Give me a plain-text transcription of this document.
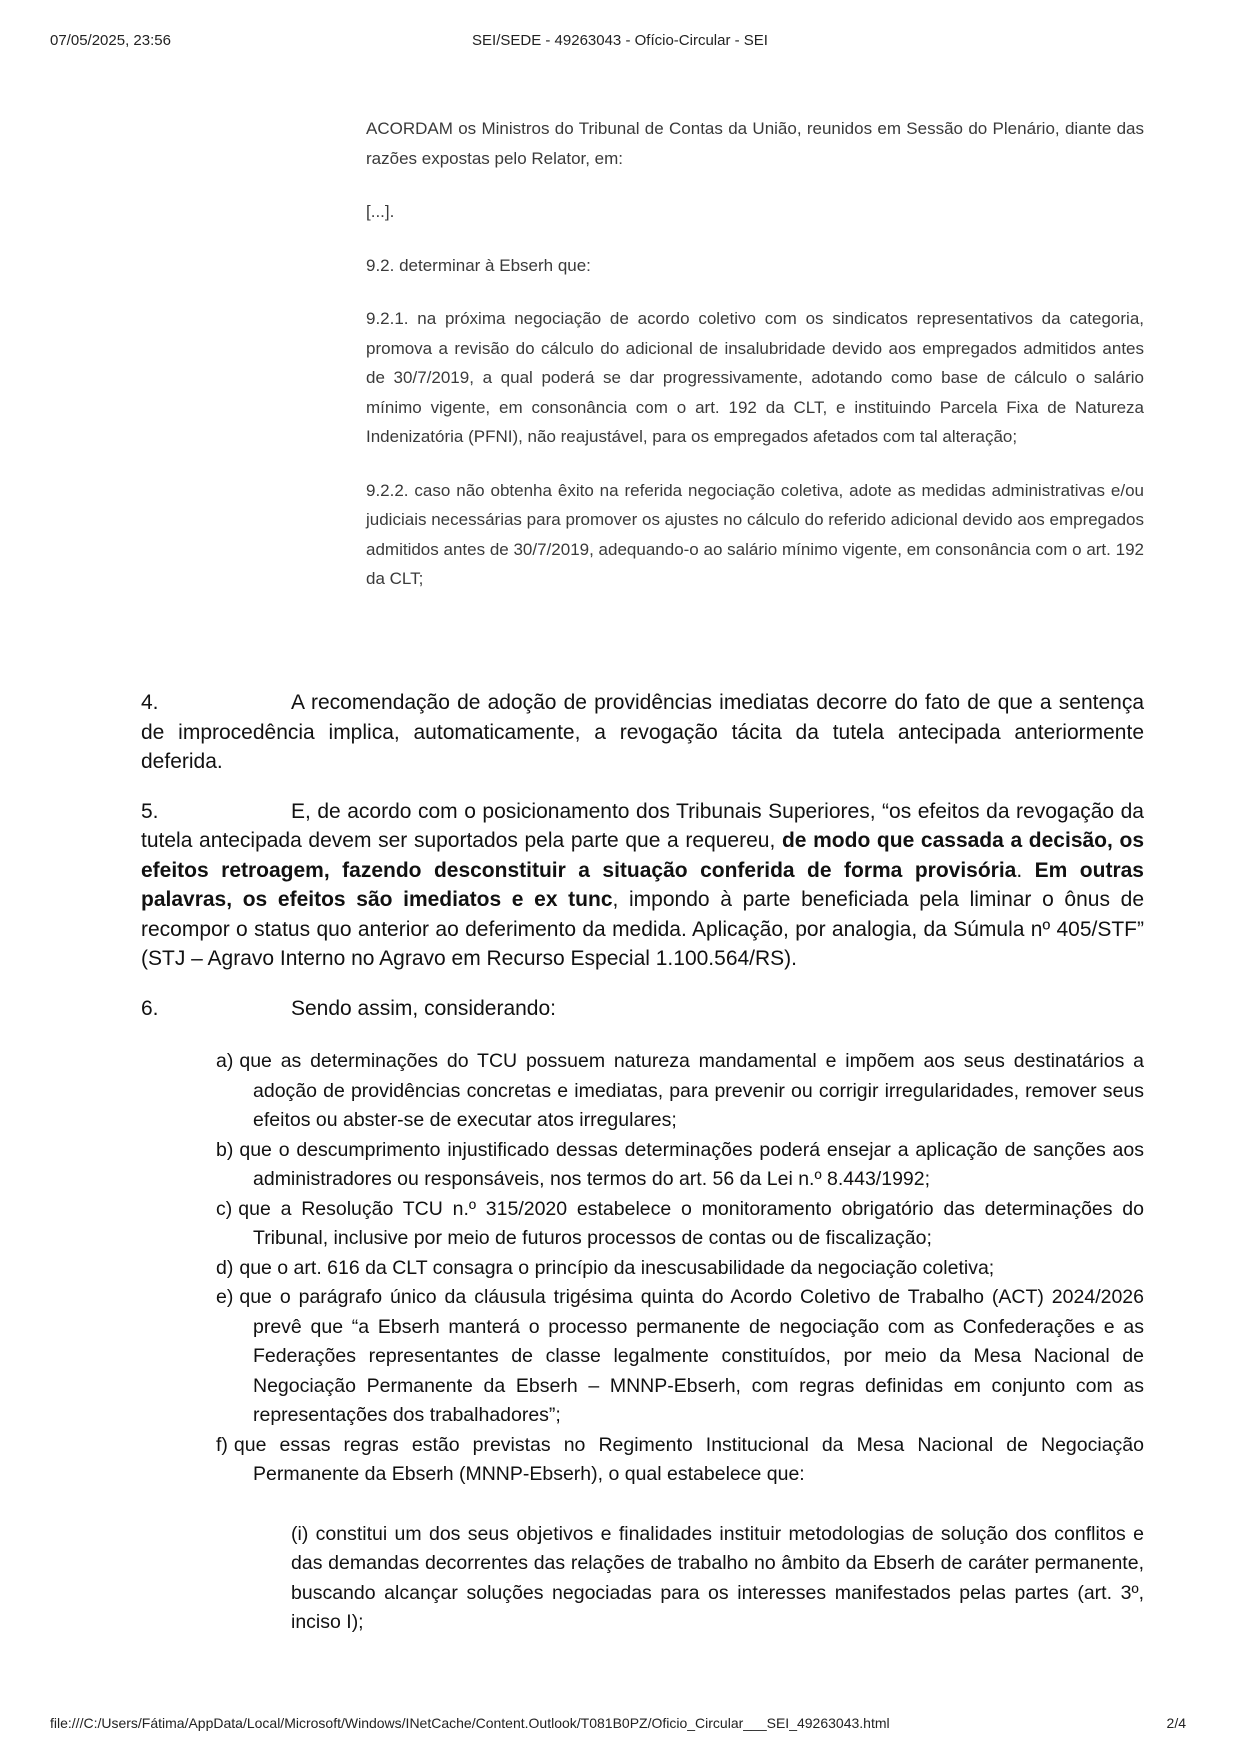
07/05/2025, 23:56	SEI/SEDE - 49263043 - Ofício-Circular - SEI

ACORDAM os Ministros do Tribunal de Contas da União, reunidos em Sessão do Plenário, diante das razões expostas pelo Relator, em:

[...].

9.2. determinar à Ebserh que:

9.2.1. na próxima negociação de acordo coletivo com os sindicatos representativos da categoria, promova a revisão do cálculo do adicional de insalubridade devido aos empregados admitidos antes de 30/7/2019, a qual poderá se dar progressivamente, adotando como base de cálculo o salário mínimo vigente, em consonância com o art. 192 da CLT, e instituindo Parcela Fixa de Natureza Indenizatória (PFNI), não reajustável, para os empregados afetados com tal alteração;

9.2.2. caso não obtenha êxito na referida negociação coletiva, adote as medidas administrativas e/ou judiciais necessárias para promover os ajustes no cálculo do referido adicional devido aos empregados admitidos antes de 30/7/2019, adequando-o ao salário mínimo vigente, em consonância com o art. 192 da CLT;

4.	A recomendação de adoção de providências imediatas decorre do fato de que a sentença de improcedência implica, automaticamente, a revogação tácita da tutela antecipada anteriormente deferida.

5.	E, de acordo com o posicionamento dos Tribunais Superiores, “os efeitos da revogação da tutela antecipada devem ser suportados pela parte que a requereu, de modo que cassada a decisão, os efeitos retroagem, fazendo desconstituir a situação conferida de forma provisória. Em outras palavras, os efeitos são imediatos e ex tunc, impondo à parte beneficiada pela liminar o ônus de recompor o status quo anterior ao deferimento da medida. Aplicação, por analogia, da Súmula nº 405/STF” (STJ – Agravo Interno no Agravo em Recurso Especial 1.100.564/RS).

6.	Sendo assim, considerando:

a) que as determinações do TCU possuem natureza mandamental e impõem aos seus destinatários a adoção de providências concretas e imediatas, para prevenir ou corrigir irregularidades, remover seus efeitos ou abster-se de executar atos irregulares;
b) que o descumprimento injustificado dessas determinações poderá ensejar a aplicação de sanções aos administradores ou responsáveis, nos termos do art. 56 da Lei n.º 8.443/1992;
c) que a Resolução TCU n.º 315/2020 estabelece o monitoramento obrigatório das determinações do Tribunal, inclusive por meio de futuros processos de contas ou de fiscalização;
d) que o art. 616 da CLT consagra o princípio da inescusabilidade da negociação coletiva;
e) que o parágrafo único da cláusula trigésima quinta do Acordo Coletivo de Trabalho (ACT) 2024/2026 prevê que “a Ebserh manterá o processo permanente de negociação com as Confederações e as Federações representantes de classe legalmente constituídos, por meio da Mesa Nacional de Negociação Permanente da Ebserh – MNNP-Ebserh, com regras definidas em conjunto com as representações dos trabalhadores”;
f) que essas regras estão previstas no Regimento Institucional da Mesa Nacional de Negociação Permanente da Ebserh (MNNP-Ebserh), o qual estabelece que:

(i) constitui um dos seus objetivos e finalidades instituir metodologias de solução dos conflitos e das demandas decorrentes das relações de trabalho no âmbito da Ebserh de caráter permanente, buscando alcançar soluções negociadas para os interesses manifestados pelas partes (art. 3º, inciso I);

file:///C:/Users/Fátima/AppData/Local/Microsoft/Windows/INetCache/Content.Outlook/T081B0PZ/Oficio_Circular___SEI_49263043.html	2/4
